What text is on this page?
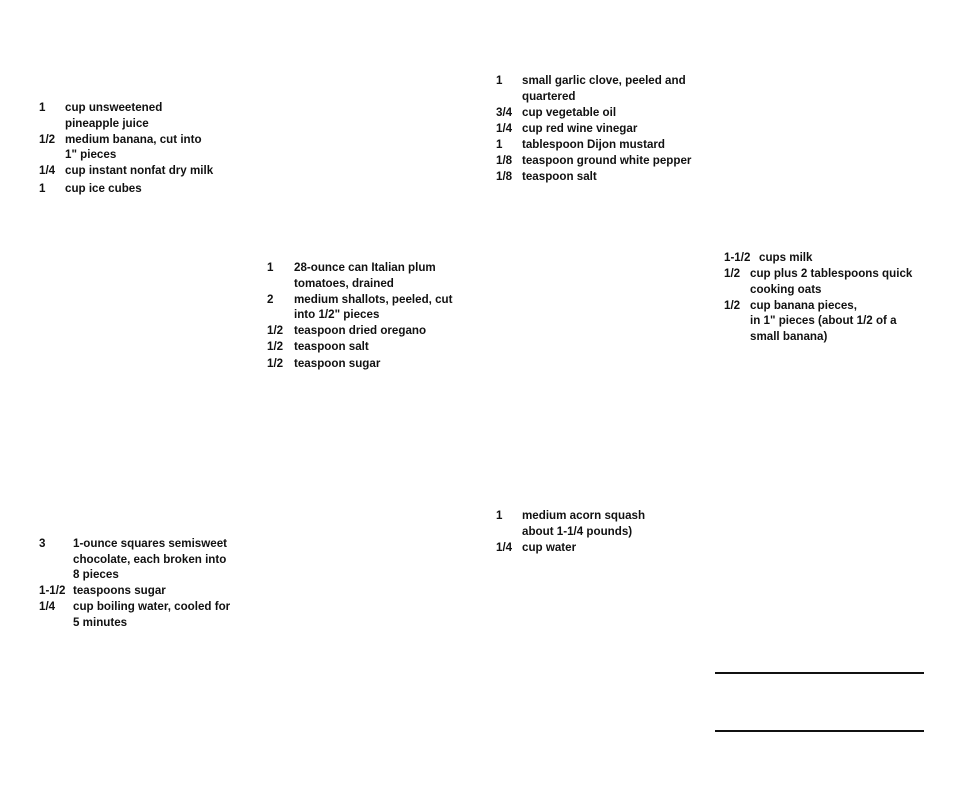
1	cup unsweetened
pineapple juice
1/2 medium banana, cut into
1" pieces
1/4 cup instant nonfat dry milk
1	cup ice cubes
1	small garlic clove, peeled and
quartered
3/4 cup vegetable oil
1/4 cup red wine vinegar
1	tablespoon Dijon mustard
1/8 teaspoon ground white pepper
1/8 teaspoon salt
1	28-ounce can Italian plum
tomatoes, drained
2	medium shallots, peeled, cut
into 1/2" pieces
1/2 teaspoon dried oregano
1/2 teaspoon salt
1/2 teaspoon sugar
1-1/2 cups milk
1/2 cup plus 2 tablespoons quick
cooking oats
1/2 cup banana pieces,
in 1" pieces (about 1/2 of a
small banana)
3	1-ounce squares semisweet
chocolate, each broken into
8 pieces
1-1/2 teaspoons sugar
1/4	cup boiling water, cooled for
5 minutes
1	medium acorn squash
about 1-1/4 pounds)
1/4 cup water
